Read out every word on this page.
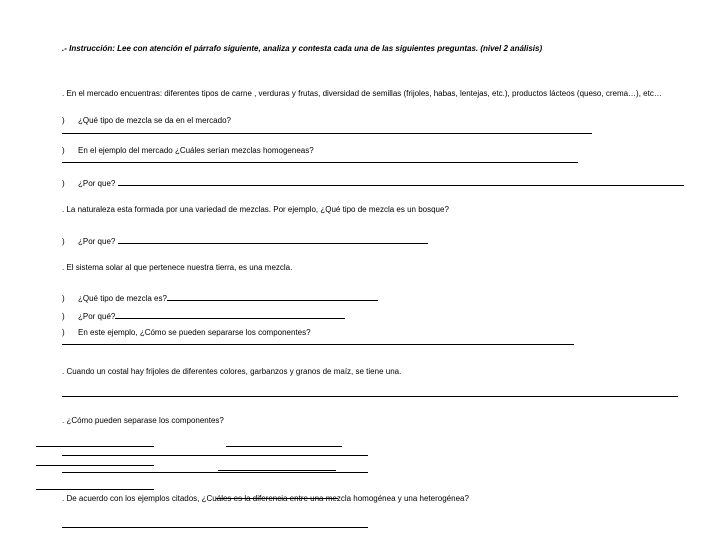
.- Instrucción: Lee con atención el párrafo siguiente, analiza y contesta cada una de las siguientes preguntas. (nivel 2 análisis)
. En el mercado encuentras: diferentes tipos de carne , verduras y frutas, diversidad de semillas (frijoles, habas, lentejas, etc.), productos lácteos (queso, crema…), etc…
) ¿Qué tipo de mezcla se da en el mercado?
) En el ejemplo del mercado ¿Cuáles serían mezclas homogeneas?
) ¿Por que?
. La naturaleza esta formada por una variedad de mezclas. Por ejemplo, ¿Qué tipo de mezcla es un bosque?
) ¿Por que?
. El sistema solar al que pertenece nuestra tierra, es una mezcla.
) ¿Qué tipo de mezcla es?
) ¿Por qué?
) En este ejemplo, ¿Cómo se pueden separarse los componentes?
. Cuando un costal hay frijoles de diferentes colores, garbanzos y granos de maíz, se tiene una.
. ¿Cómo pueden separase los componentes?
. De acuerdo con los ejemplos citados, ¿Cuáles es la diferencia entre una mezcla homogénea y una heterogénea?
